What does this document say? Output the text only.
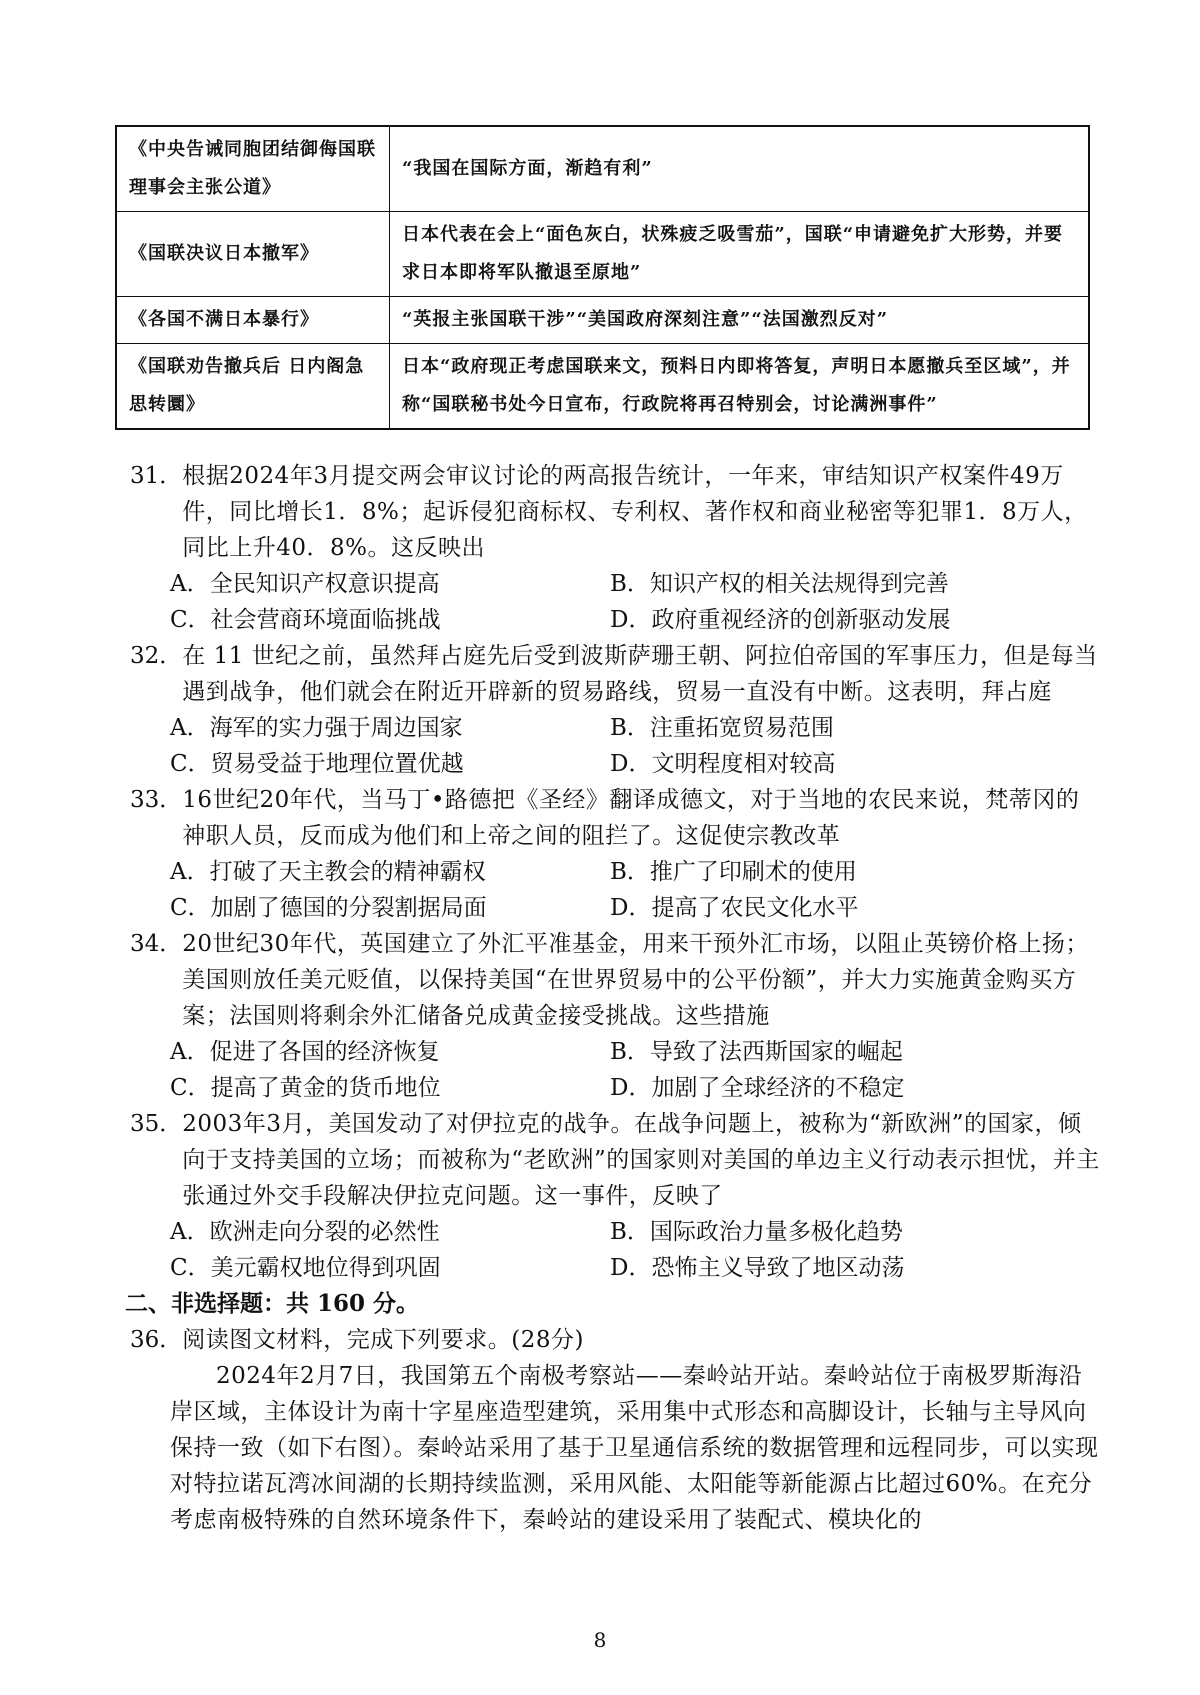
《中央告诫同胞团结御侮国联理事会主张公道》	“我国在国际方面，渐趋有利”
《国联决议日本撤军》	日本代表在会上“面色灰白，状殊疲乏吸雪茄”，国联“申请避免扩大形势，并要求日本即将军队撤退至原地”
《各国不满日本暴行》	“英报主张国联干涉”“美国政府深刻注意”“法国激烈反对”
《国联劝告撤兵后 日内阁急思转圜》	日本“政府现正考虑国联来文，预料日内即将答复，声明日本愿撤兵至区域”，并称“国联秘书处今日宣布，行政院将再召特别会，讨论满洲事件”
31． 根据2024年3月提交两会审议讨论的两高报告统计，一年来，审结知识产权案件49万件，同比增长1．8%；起诉侵犯商标权、专利权、著作权和商业秘密等犯罪1．8万人，同比上升40．8%。这反映出
A．全民知识产权意识提高	B．知识产权的相关法规得到完善
C．社会营商环境面临挑战	D．政府重视经济的创新驱动发展
32． 在 11 世纪之前，虽然拜占庭先后受到波斯萨珊王朝、阿拉伯帝国的军事压力，但是每当遇到战争，他们就会在附近开辟新的贸易路线，贸易一直没有中断。这表明，拜占庭
A．海军的实力强于周边国家	B．注重拓宽贸易范围
C．贸易受益于地理位置优越	D．文明程度相对较高
33． 16世纪20年代，当马丁•路德把《圣经》翻译成德文，对于当地的农民来说，梵蒂冈的神职人员，反而成为他们和上帝之间的阻拦了。这促使宗教改革
A．打破了天主教会的精神霸权	B．推广了印刷术的使用
C．加剧了德国的分裂割据局面	D．提高了农民文化水平
34． 20世纪30年代，英国建立了外汇平准基金，用来干预外汇市场，以阻止英镑价格上扬；美国则放任美元贬值，以保持美国“在世界贸易中的公平份额”，并大力实施黄金购买方案；法国则将剩余外汇储备兑成黄金接受挑战。这些措施
A．促进了各国的经济恢复	B．导致了法西斯国家的崛起
C．提高了黄金的货币地位	D．加剧了全球经济的不稳定
35． 2003年3月，美国发动了对伊拉克的战争。在战争问题上，被称为“新欧洲”的国家，倾向于支持美国的立场；而被称为“老欧洲”的国家则对美国的单边主义行动表示担忧，并主张通过外交手段解决伊拉克问题。这一事件，反映了
A．欧洲走向分裂的必然性	B．国际政治力量多极化趋势
C．美元霸权地位得到巩固	D．恐怖主义导致了地区动荡
二、非选择题：共 160 分。
36． 阅读图文材料，完成下列要求。(28分)
2024年2月7日，我国第五个南极考察站——秦岭站开站。秦岭站位于南极罗斯海沿岸区域，主体设计为南十字星座造型建筑，采用集中式形态和高脚设计，长轴与主导风向保持一致（如下右图）。秦岭站采用了基于卫星通信系统的数据管理和远程同步，可以实现对特拉诺瓦湾冰间湖的长期持续监测，采用风能、太阳能等新能源占比超过60%。在充分考虑南极特殊的自然环境条件下，秦岭站的建设采用了装配式、模块化的
8
